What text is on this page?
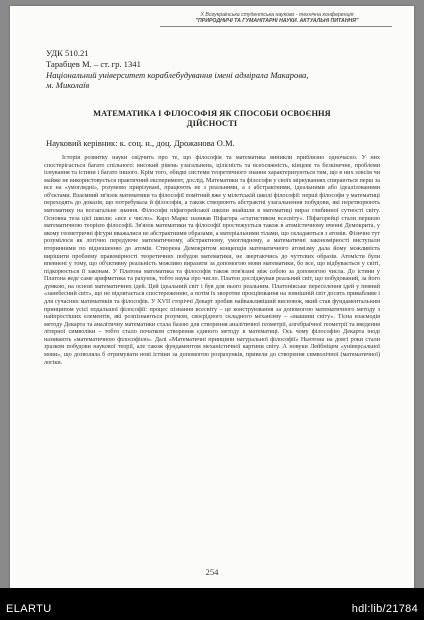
X Всеукраїнська студентська науково - технічна конференція
"ПРИРОДНИЧІ ТА ГУМАНІТАРНІ НАУКИ. АКТУАЛЬНІ ПИТАННЯ"
УДК 510.21
Тарабцев М. – ст. гр. 1341
Національний університет кораблебудування імені адмірала Макарова,
м. Миколаїв
МАТЕМАТИКА І ФІЛОСОФІЯ ЯК СПОСОБИ ОСВОЄННЯ
ДІЙСНОСТІ
Науковий керівник: к. соц. н., доц. Дрожанова О.М.
Історія розвитку науки свідчить про те, що філософія та математика виникли приблизно одночасно. У них спостерігається багато спільного: високий рівень узагальнень, цілісність та всеосяжність, кінцеве та безкінечне, проблеми існування та істини і багато іншого. Крім того, обидві системи теоретичного знання характеризуються тим, що в них зовсім чи майже не використовується практичний експеримент, дослід. Математики та філософи у своїх міркуваннях спираються перш за все на «умоглядні», розумово прирізувані, працюють не з реальними, а з абстрактними, ідеальними або ідеалізованими об'єктами. Взаємний зв'язок математики та філософії помітний вже у мілетській школі філософії: перші філософи у математиці переходять до доказів, що потребувала й філософія, а також створюють абстрактні узагальнення побудови, які перетворюють математику на всезагальне знання. Філософи піфагорейської школи знайшли в математиці вираз глибинної сутності світу. Основна теза цієї школи: «все є число». Карл Маркс називав Піфагора «статистиком всесвіту». Піфагорейці стали першою математичною теорією філософії. Зв'язок математики та філософії простежується також в атомістичному вченні Демокрита, у якому геометричні фігури вважалися не абстрактними образами, а матеріальними тілами, що складаються з атомів. Фізичне тут розумілося як логічно передуюче математичному, абстрактному, умоглядному, а математичні закономірності виступали вторинними по відношенню до атомів. Створена Демокритом концепція математичного атомізму дала йому можливість вирішити проблему правомірності теоретичних побудов математики, не звертаючись до чуттєвих образів. Атомісти були впевнені у тому, що об'єктивну реальність можливо виразити за допомогою мови математики, бо все, що відбувається у світі, підкорюється її законам. У Платона математика та філософія також пов'язані між собою за допомогою числа. До істини у Платона веде саме арифметика та рахунок, тобто наука про число. Платон досліджував реальний світ, що побудований, за його думкою, на основі математичних ідей. Цей ідеальний світ і був для нього реальним. Платонівське переселення ідей у певний «занебесний світ», що не підлягається спостереженню, а потім їх зворотне проєціювання на зовнішній світ досить привабливе і для сучасних математиків та філософів. У XVII сторіччі Декарт зробив найважливіший висновок, який став фундаментальним принципом усієї подальшої філософії: процес пізнання всесвіту – це конструювання за допомогою математичного методу з найпростіших елементів, які розпізнаються розумом, своєрідного складного механізму – «машини світу». Тісна взаємодія методу Декарта та аналітичну математики стала базою для створення аналітичної геометрії, алгебраїчної геометрії та введення літерної символіки – тобто стало початком створення єдиного методу в математиці. Ось чому філософію Декарта іноді називають «математичною філософією». Далі «Математичні принципи натуральної філософії» Ньютона на довгі роки стали зразком побудови наукової теорії, але також фундаментом механістичної картини світу. А новуки Лейбніцем «універсальної мови», що дозволяла б отримувати нові істини за допомогою розрахунків, привели до створення символічної (математичної) логіки.
254
ELARTU	hdl:lib/21784
